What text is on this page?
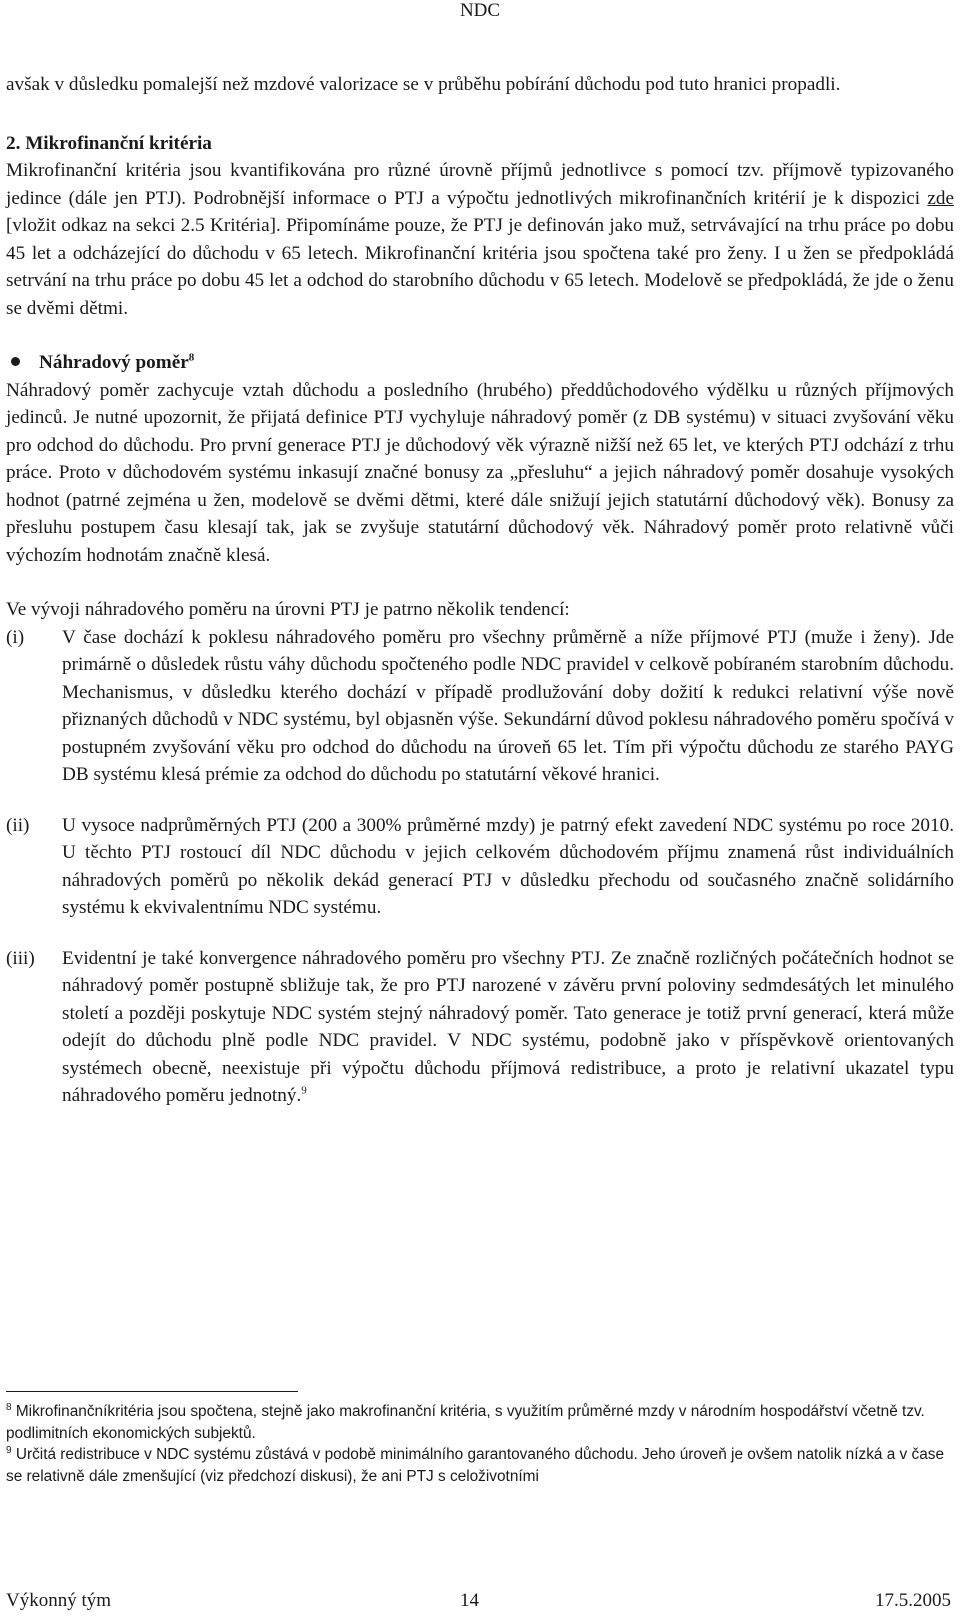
NDC

avšak v důsledku pomalejší než mzdové valorizace se v průběhu pobírání důchodu pod tuto hranici propadli.

2. Mikrofinanční kritéria

Mikrofinanční kritéria jsou kvantifikována pro různé úrovně příjmů jednotlivce s pomocí tzv. příjmově typizovaného jedince (dále jen PTJ). Podrobnější informace o PTJ a výpočtu jednotlivých mikrofinančních kritérií je k dispozici zde [vložit odkaz na sekci 2.5 Kritéria]. Připomínáme pouze, že PTJ je definován jako muž, setrvávající na trhu práce po dobu 45 let a odcházející do důchodu v 65 letech. Mikrofinanční kritéria jsou spočtena také pro ženy. I u žen se předpokládá setrvání na trhu práce po dobu 45 let a odchod do starobního důchodu v 65 letech. Modelově se předpokládá, že jde o ženu se dvěmi dětmi.

Náhradový poměr$^8$

Náhradový poměr zachycuje vztah důchodu a posledního (hrubého) předdůchodového výdělku u různých příjmových jedinců. Je nutné upozornit, že přijatá definice PTJ vychyluje náhradový poměr (z DB systému) v situaci zvyšování věku pro odchod do důchodu. Pro první generace PTJ je důchodový věk výrazně nižší než 65 let, ve kterých PTJ odchází z trhu práce. Proto v důchodovém systému inkasují značné bonusy za „přesluhu“ a jejich náhradový poměr dosahuje vysokých hodnot (patrné zejména u žen, modelově se dvěmi dětmi, které dále snižují jejich statutární důchodový věk). Bonusy za přesluhu postupem času klesají tak, jak se zvyšuje statutární důchodový věk. Náhradový poměr proto relativně vůči výchozím hodnotám značně klesá.

Ve vývoji náhradového poměru na úrovni PTJ je patrno několik tendencí:

(i)	V čase dochází k poklesu náhradového poměru pro všechny průměrně a níže příjmové PTJ (muže i ženy). Jde primárně o důsledek růstu váhy důchodu spočteného podle NDC pravidel v celkově pobíraném starobním důchodu. Mechanismus, v důsledku kterého dochází v případě prodlužování doby dožití k redukci relativní výše nově přiznaných důchodů v NDC systému, byl objasněn výše. Sekundární důvod poklesu náhradového poměru spočívá v postupném zvyšování věku pro odchod do důchodu na úroveň 65 let. Tím při výpočtu důchodu ze starého PAYG DB systému klesá prémie za odchod do důchodu po statutární věkové hranici.
(ii)	U vysoce nadprůměrných PTJ (200 a 300% průměrné mzdy) je patrný efekt zavedení NDC systému po roce 2010. U těchto PTJ rostoucí díl NDC důchodu v jejich celkovém důchodovém příjmu znamená růst individuálních náhradových poměrů po několik dekád generací PTJ v důsledku přechodu od současného značně solidárního systému k ekvivalentnímu NDC systému.
(iii)	Evidentní je také konvergence náhradového poměru pro všechny PTJ. Ze značně rozličných počátečních hodnot se náhradový poměr postupně sbližuje tak, že pro PTJ narozené v závěru první poloviny sedmdesátých let minulého století a později poskytuje NDC systém stejný náhradový poměr. Tato generace je totiž první generací, která může odejít do důchodu plně podle NDC pravidel. V NDC systému, podobně jako v příspěvkově orientovaných systémech obecně, neexistuje při výpočtu důchodu příjmová redistribuce, a proto je relativní ukazatel typu náhradového poměru jednotný.$^9$
$^8$ Mikrofinančníkritéria jsou spočtena, stejně jako makrofinanční kritéria, s využitím průměrné mzdy v národním hospodářství včetně tzv. podlimitních ekonomických subjektů.
$^9$ Určitá redistribuce v NDC systému zůstává v podobě minimálního garantovaného důchodu. Jeho úroveň je ovšem natolik nízká a v čase se relativně dále zmenšující (viz předchozí diskusi), že ani PTJ s celoživotními
Výkonný tým	14	17.5.2005
